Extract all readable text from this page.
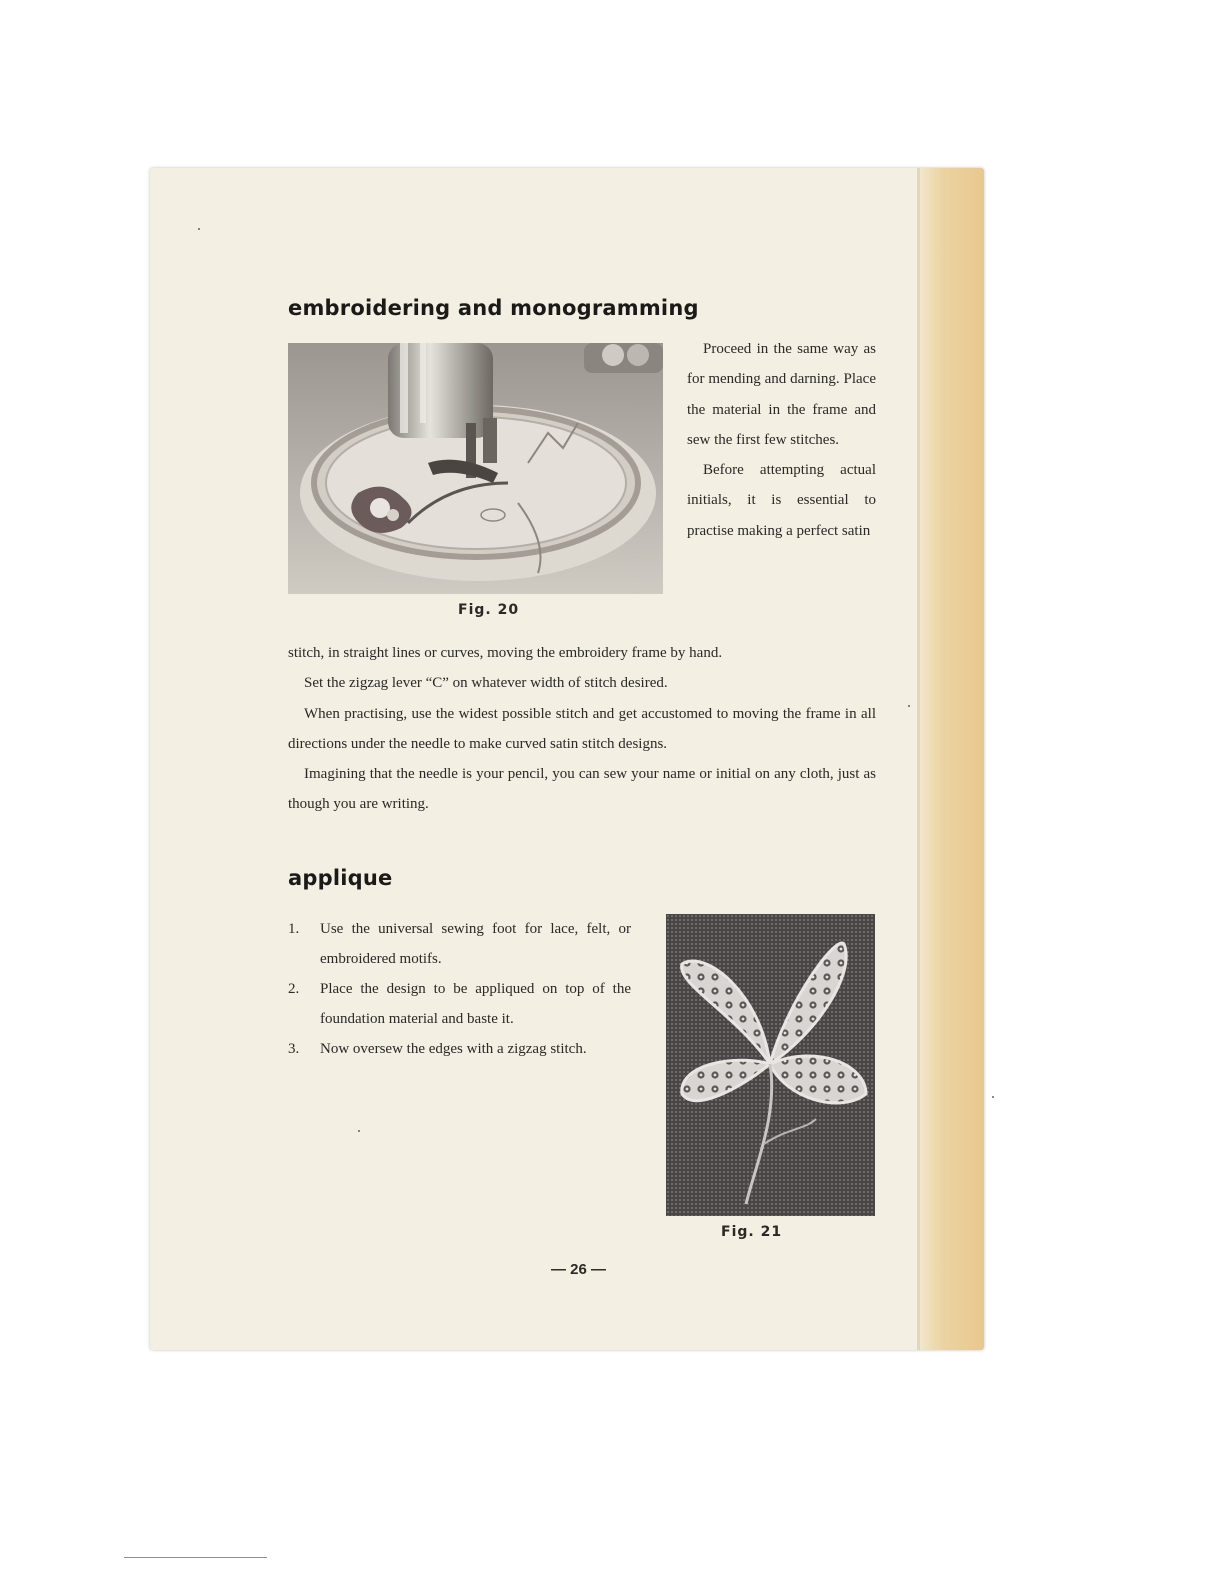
embroidering and monogramming

Fig. 20

Proceed in the same way as for mending and darning. Place the material in the frame and sew the first few stitches.

Before attempting actual initials, it is essential to practise making a perfect satin

stitch, in straight lines or curves, moving the embroidery frame by hand.

Set the zigzag lever “C” on whatever width of stitch desired.

When practising, use the widest possible stitch and get accustomed to moving the frame in all directions under the needle to make curved satin stitch designs.

Imagining that the needle is your pencil, you can sew your name or initial on any cloth, just as though you are writing.

applique
1. Use the universal sewing foot for lace, felt, or embroidered motifs.
2. Place the design to be appliqued on top of the foundation material and baste it.
3. Now oversew the edges with a zigzag stitch.

Fig. 21

— 26 —
